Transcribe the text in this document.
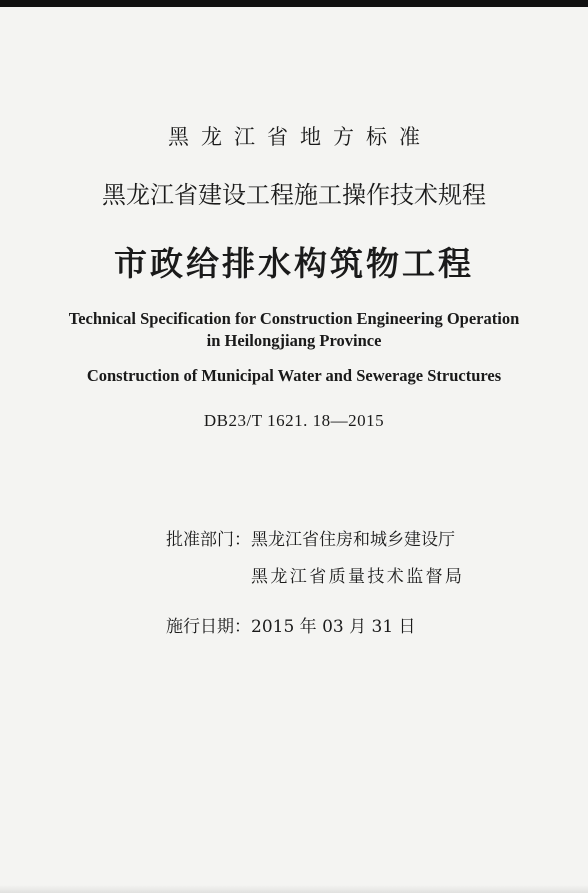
黑龙江省地方标准
黑龙江省建设工程施工操作技术规程
市政给排水构筑物工程
Technical Specification for Construction Engineering Operation
in Heilongjiang Province
Construction of Municipal Water and Sewerage Structures
DB23/T 1621. 18—2015
批准部门： 黑龙江省住房和城乡建设厅
黑龙江省质量技术监督局
施行日期： 2015 年 03 月 31 日
